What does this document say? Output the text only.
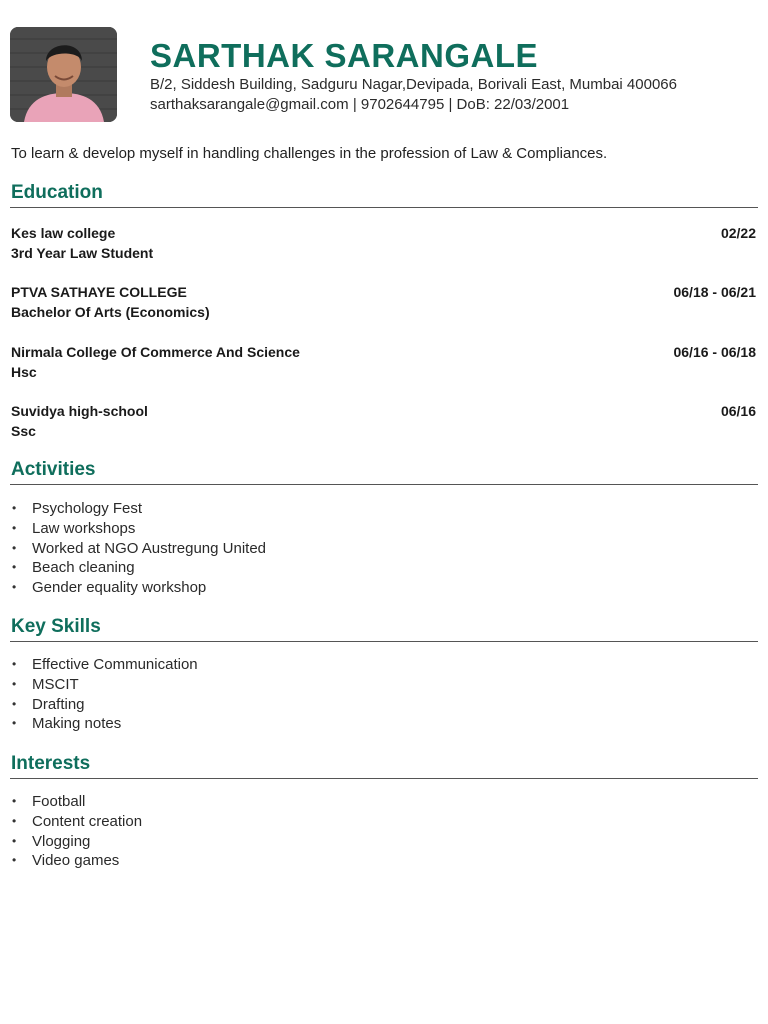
SARTHAK SARANGALE
B/2, Siddesh Building, Sadguru Nagar,Devipada, Borivali East, Mumbai 400066
sarthaksarangale@gmail.com | 9702644795 | DoB: 22/03/2001
To learn & develop myself in handling challenges in the profession of Law & Compliances.
Education
Kes law college	02/22
3rd Year Law Student
PTVA SATHAYE COLLEGE	06/18 - 06/21
Bachelor Of Arts (Economics)
Nirmala College Of Commerce And Science	06/16 - 06/18
Hsc
Suvidya high-school	06/16
Ssc
Activities
•	Psychology Fest
•	Law workshops
•	Worked at NGO Austregung United
•	Beach cleaning
•	Gender equality workshop
Key Skills
•	Effective Communication
•	MSCIT
•	Drafting
•	Making notes
Interests
•	Football
•	Content creation
•	Vlogging
•	Video games
